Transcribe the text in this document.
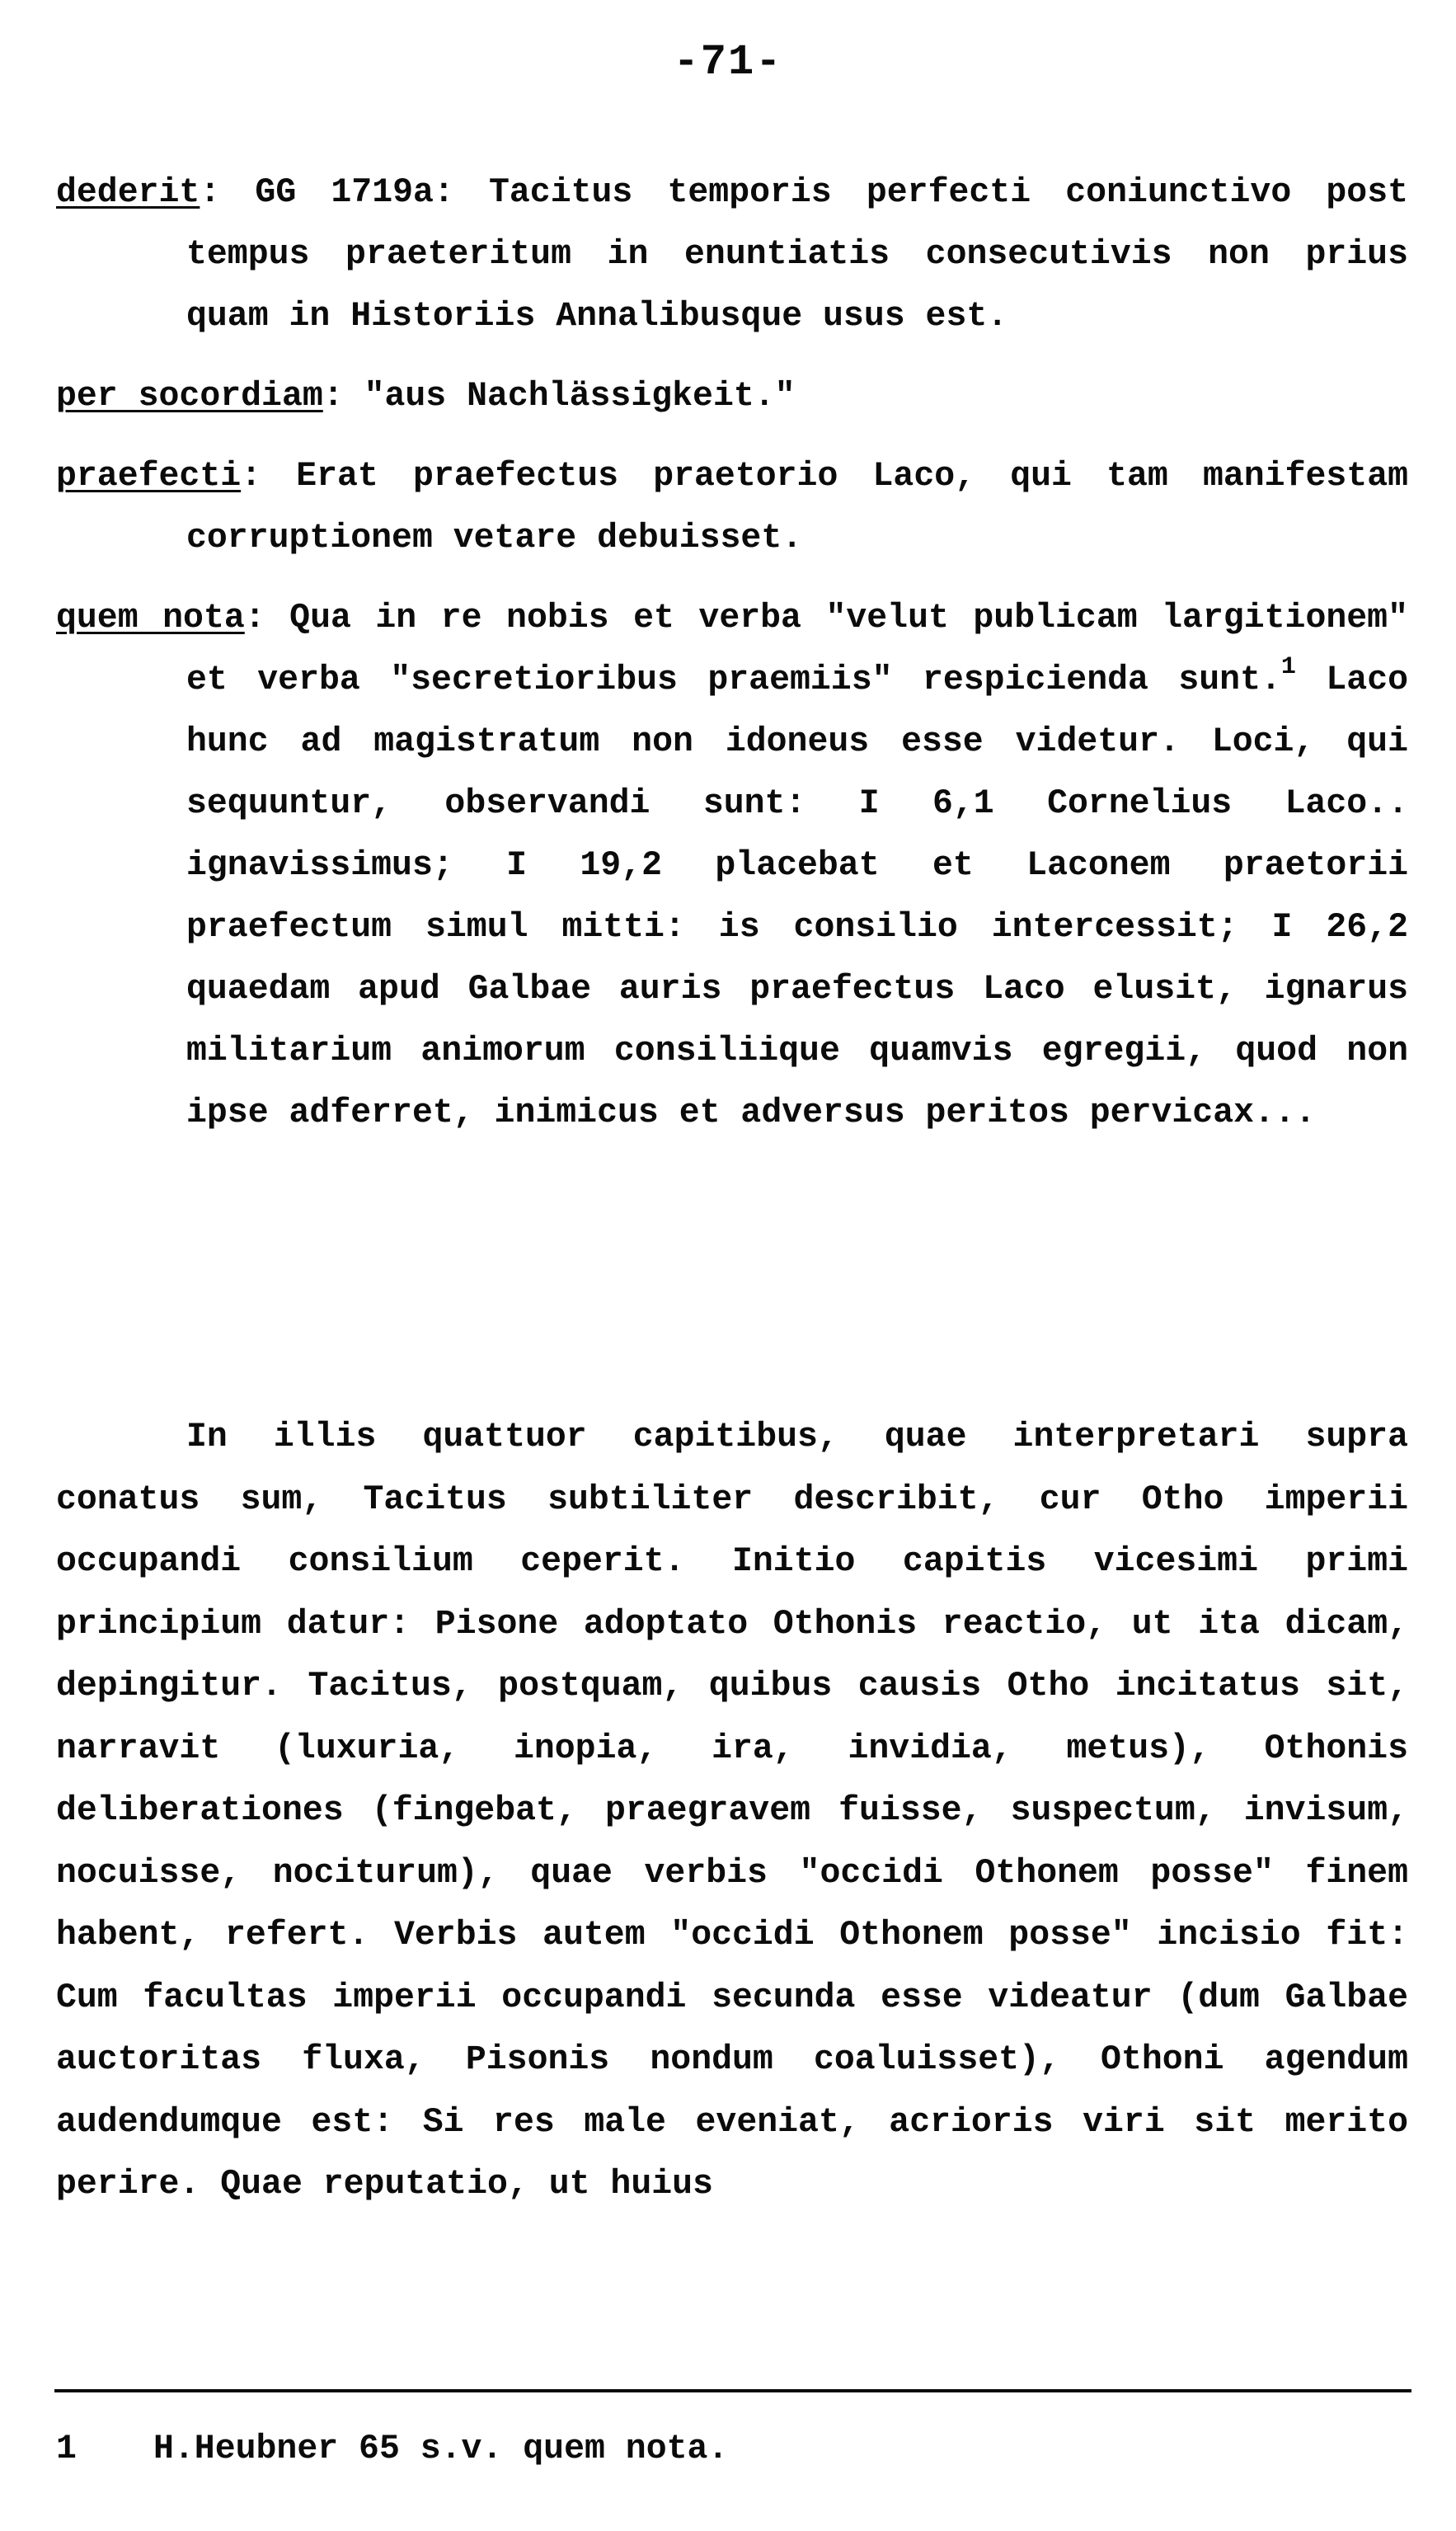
-71-

dederit: GG 1719a: Tacitus temporis perfecti coniunctivo post tempus praeteritum in enuntiatis consecutivis non prius quam in Historiis Annalibusque usus est.

per socordiam: "aus Nachlässigkeit."

praefecti: Erat praefectus praetorio Laco, qui tam manifestam corruptionem vetare debuisset.

quem nota: Qua in re nobis et verba "velut publicam largitionem" et verba "secretioribus praemiis" respicienda sunt.$^1$ Laco hunc ad magistratum non idoneus esse videtur. Loci, qui sequuntur, observandi sunt: I 6,1 Cornelius Laco.. ignavissimus; I 19,2 placebat et Laconem praetorii praefectum simul mitti: is consilio intercessit; I 26,2 quaedam apud Galbae auris praefectus Laco elusit, ignarus militarium animorum consiliique quamvis egregii, quod non ipse adferret, inimicus et adversus peritos pervicax...

In illis quattuor capitibus, quae interpretari supra conatus sum, Tacitus subtiliter describit, cur Otho imperii occupandi consilium ceperit. Initio capitis vicesimi primi principium datur: Pisone adoptato Othonis reactio, ut ita dicam, depingitur. Tacitus, postquam, quibus causis Otho incitatus sit, narravit (luxuria, inopia, ira, invidia, metus), Othonis deliberationes (fingebat, praegravem fuisse, suspectum, invisum, nocuisse, nociturum), quae verbis "occidi Othonem posse" finem habent, refert. Verbis autem "occidi Othonem posse" incisio fit: Cum facultas imperii occupandi secunda esse videatur (dum Galbae auctoritas fluxa, Pisonis nondum coaluisset), Othoni agendum audendumque est: Si res male eveniat, acrioris viri sit merito perire. Quae reputatio, ut huius

1 H.Heubner 65 s.v. quem nota.
